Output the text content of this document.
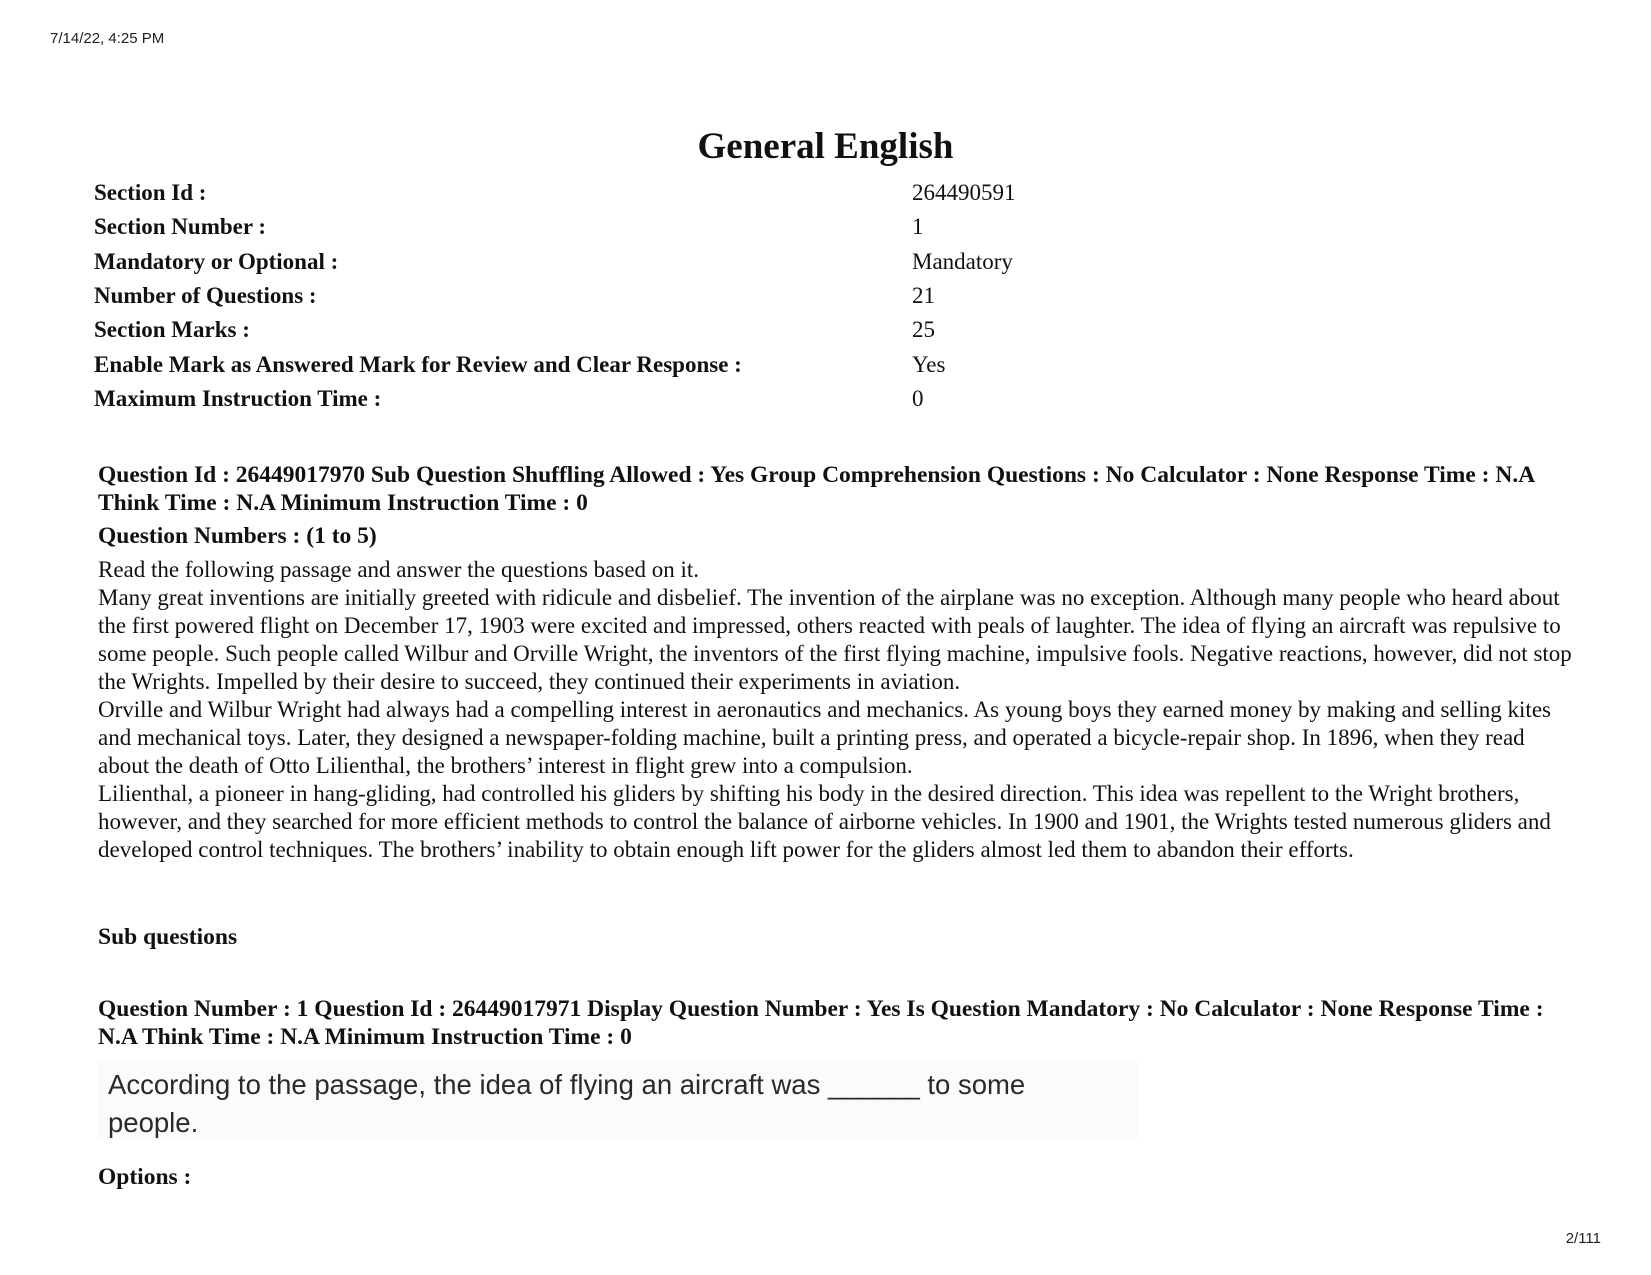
7/14/22, 4:25 PM
General English
Section Id :	264490591
Section Number :	1
Mandatory or Optional :	Mandatory
Number of Questions :	21
Section Marks :	25
Enable Mark as Answered Mark for Review and Clear Response :	Yes
Maximum Instruction Time :	0
Question Id : 26449017970 Sub Question Shuffling Allowed : Yes Group Comprehension Questions : No Calculator : None Response Time : N.A Think Time : N.A Minimum Instruction Time : 0
Question Numbers : (1 to 5)

Read the following passage and answer the questions based on it.

Many great inventions are initially greeted with ridicule and disbelief. The invention of the airplane was no exception. Although many people who heard about the first powered flight on December 17, 1903 were excited and impressed, others reacted with peals of laughter. The idea of flying an aircraft was repulsive to some people. Such people called Wilbur and Orville Wright, the inventors of the first flying machine, impulsive fools. Negative reactions, however, did not stop the Wrights. Impelled by their desire to succeed, they continued their experiments in aviation.

Orville and Wilbur Wright had always had a compelling interest in aeronautics and mechanics. As young boys they earned money by making and selling kites and mechanical toys. Later, they designed a newspaper-folding machine, built a printing press, and operated a bicycle-repair shop. In 1896, when they read about the death of Otto Lilienthal, the brothers’ interest in flight grew into a compulsion.

Lilienthal, a pioneer in hang-gliding, had controlled his gliders by shifting his body in the desired direction. This idea was repellent to the Wright brothers, however, and they searched for more efficient methods to control the balance of airborne vehicles. In 1900 and 1901, the Wrights tested numerous gliders and developed control techniques. The brothers’ inability to obtain enough lift power for the gliders almost led them to abandon their efforts.

Sub questions
Question Number : 1 Question Id : 26449017971 Display Question Number : Yes Is Question Mandatory : No Calculator : None Response Time : N.A Think Time : N.A Minimum Instruction Time : 0
According to the passage, the idea of flying an aircraft was ______ to some people.
Options :
2/111
